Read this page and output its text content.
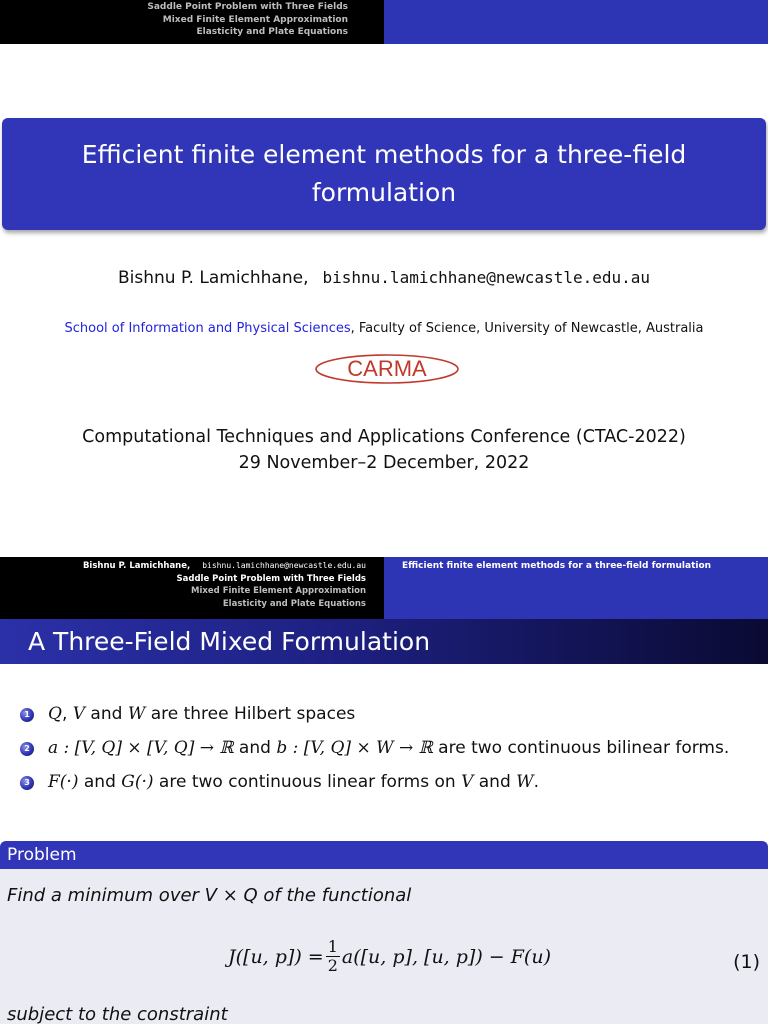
Saddle Point Problem with Three Fields
Mixed Finite Element Approximation
Elasticity and Plate Equations
Efficient finite element methods for a three-field formulation
Bishnu P. Lamichhane, bishnu.lamichhane@newcastle.edu.au
School of Information and Physical Sciences, Faculty of Science, University of Newcastle, Australia
CARMA
Computational Techniques and Applications Conference (CTAC-2022)
29 November–2 December, 2022
Bishnu P. Lamichhane, bishnu.lamichhane@newcastle.edu.au
Saddle Point Problem with Three Fields
Mixed Finite Element Approximation
Elasticity and Plate Equations
Efficient finite element methods for a three-field formulation
A Three-Field Mixed Formulation
1 Q, V and W are three Hilbert spaces
2 a : [V, Q] × [V, Q] → ℝ and b : [V, Q] × W → ℝ are two continuous bilinear forms.
3 F(·) and G(·) are two continuous linear forms on V and W.
Problem
Find a minimum over V × Q of the functional
J([u, $p]) = \frac{1}{2} a([u$, p], [u, p]) − F(u)	(1)
subject to the constraint
